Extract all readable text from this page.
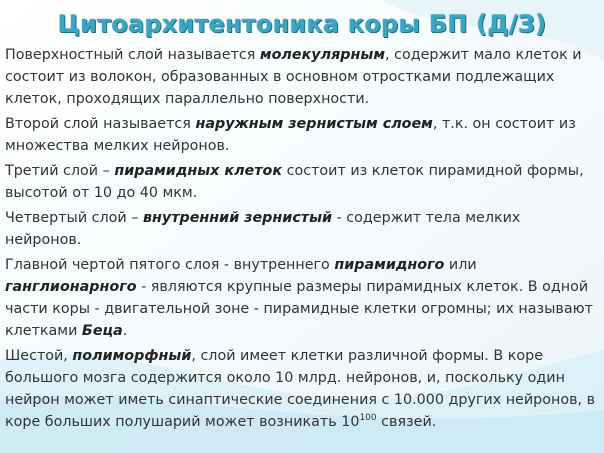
Цитоархитентоника коры БП (Д/З)

Поверхностный слой называется молекулярным, содержит мало клеток и состоит из волокон, образованных в основном отростками подлежащих клеток, проходящих параллельно поверхности.

Второй слой называется наружным зернистым слоем, т.к. он состоит из множества мелких нейронов.

Третий слой – пирамидных клеток состоит из клеток пирамидной формы, высотой от 10 до 40 мкм.

Четвертый слой – внутренний зернистый - содержит тела мелких нейронов.

Главной чертой пятого слоя - внутреннего пирамидного или ганглионарного - являются крупные размеры пирамидных клеток. В одной части коры - двигательной зоне - пирамидные клетки огромны; их называют клетками Беца.

Шестой, полиморфный, слой имеет клетки различной формы. В коре большого мозга содержится около 10 млрд. нейронов, и, поскольку один нейрон может иметь синаптические соединения с 10.000 других нейронов, в коре больших полушарий может возникать $10^{100}$ связей.
